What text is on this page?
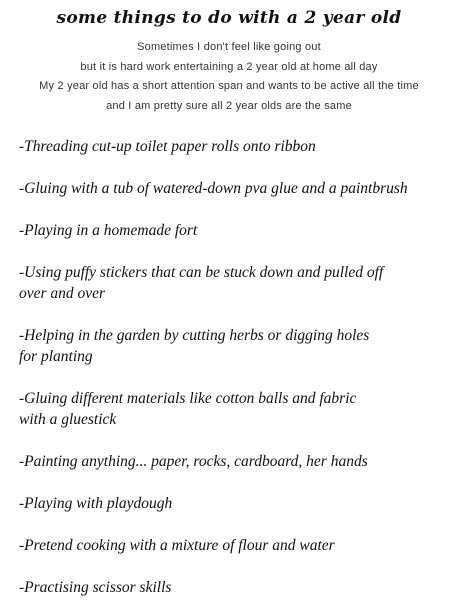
some things to do with a 2 year old
Sometimes I don't feel like going out
but it is hard work entertaining a 2 year old at home all day
My 2 year old has a short attention span and wants to be active all the time
and I am pretty sure all 2 year olds are the same
-Threading cut-up toilet paper rolls onto ribbon
-Gluing with a tub of watered-down pva glue and a paintbrush
-Playing in a homemade fort
-Using puffy stickers that can be stuck down and pulled off
over and over
-Helping in the garden by cutting herbs or digging holes
for planting
-Gluing different materials like cotton balls and fabric
with a gluestick
-Painting anything... paper, rocks, cardboard, her hands
-Playing with playdough
-Pretend cooking with a mixture of flour and water
-Practising scissor skills
